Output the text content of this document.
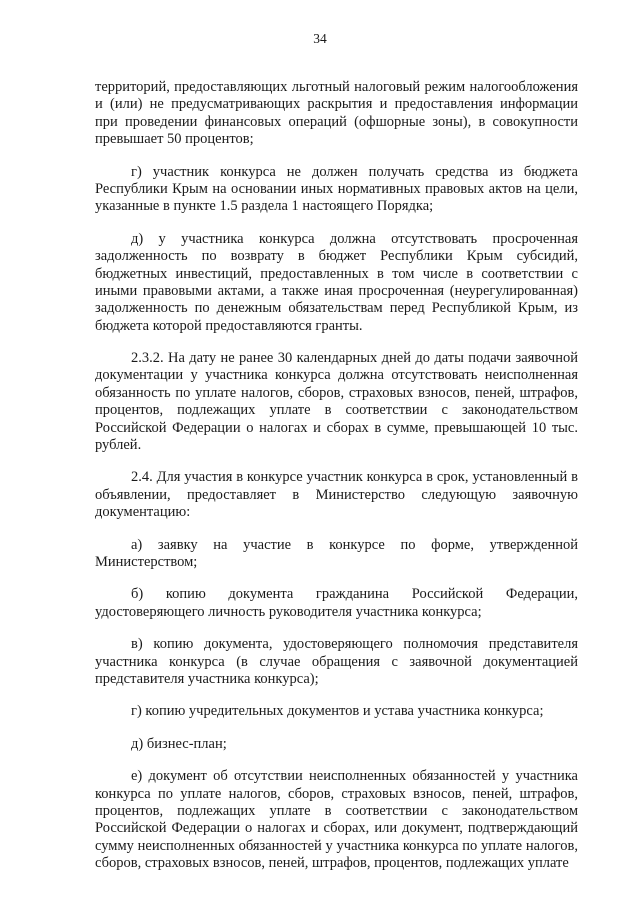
34
территорий, предоставляющих льготный налоговый режим налогообложения
и (или) не предусматривающих раскрытия и предоставления информации
при проведении финансовых операций (офшорные зоны), в совокупности
превышает 50 процентов;
г) участник конкурса не должен получать средства из бюджета
Республики Крым на основании иных нормативных правовых актов на цели,
указанные в пункте 1.5 раздела 1 настоящего Порядка;
д) у участника конкурса должна отсутствовать просроченная
задолженность по возврату в бюджет Республики Крым субсидий,
бюджетных инвестиций, предоставленных в том числе в соответствии с
иными правовыми актами, а также иная просроченная (неурегулированная)
задолженность по денежным обязательствам перед Республикой Крым, из
бюджета которой предоставляются гранты.
2.3.2. На дату не ранее 30 календарных дней до даты подачи заявочной
документации у участника конкурса должна отсутствовать неисполненная
обязанность по уплате налогов, сборов, страховых взносов, пеней, штрафов,
процентов, подлежащих уплате в соответствии с законодательством
Российской Федерации о налогах и сборах в сумме, превышающей 10 тыс.
рублей.
2.4. Для участия в конкурсе участник конкурса в срок, установленный в
объявлении, предоставляет в Министерство следующую заявочную
документацию:
а) заявку на участие в конкурсе по форме, утвержденной
Министерством;
б) копию документа гражданина Российской Федерации,
удостоверяющего личность руководителя участника конкурса;
в) копию документа, удостоверяющего полномочия представителя
участника конкурса (в случае обращения с заявочной документацией
представителя участника конкурса);
г) копию учредительных документов и устава участника конкурса;
д) бизнес-план;
е) документ об отсутствии неисполненных обязанностей у участника
конкурса по уплате налогов, сборов, страховых взносов, пеней, штрафов,
процентов, подлежащих уплате в соответствии с законодательством
Российской Федерации о налогах и сборах, или документ, подтверждающий
сумму неисполненных обязанностей у участника конкурса по уплате налогов,
сборов, страховых взносов, пеней, штрафов, процентов, подлежащих уплате
